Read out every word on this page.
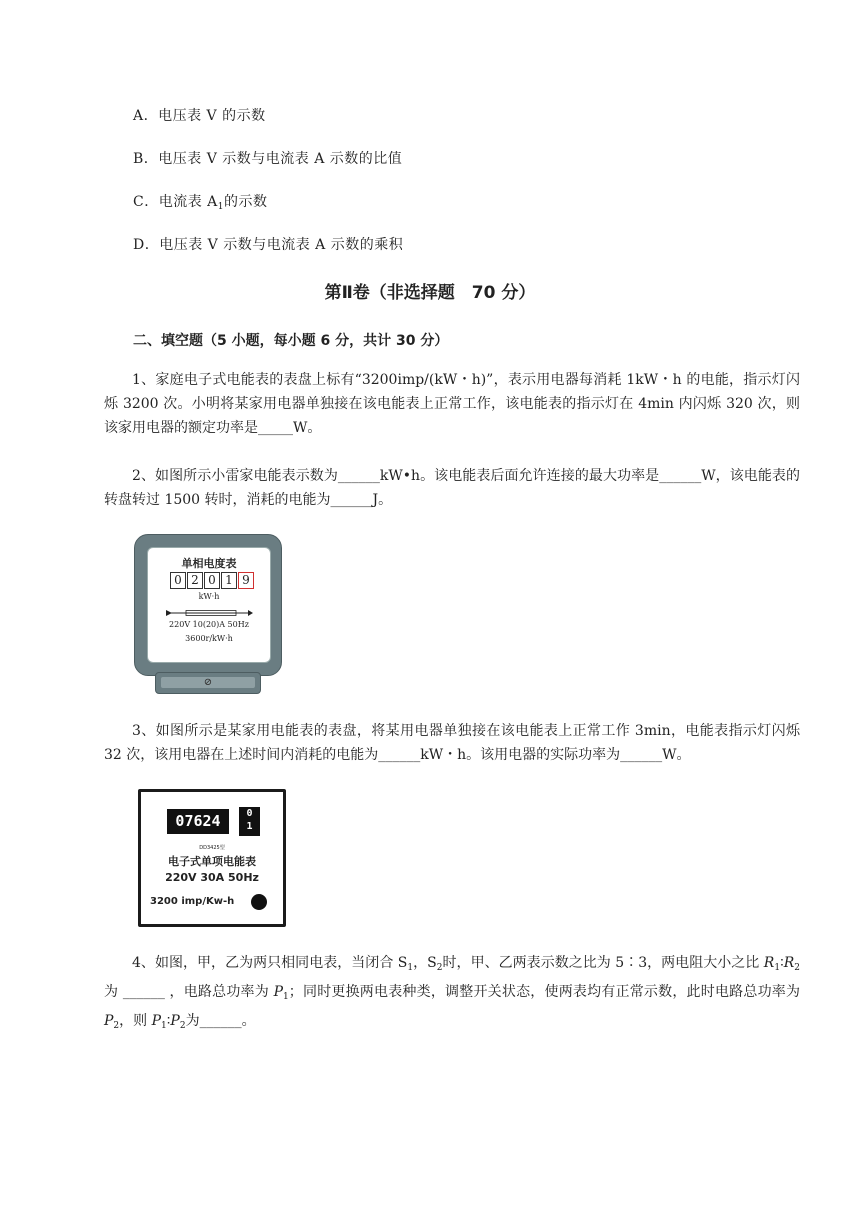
A．电压表 V 的示数
B．电压表 V 示数与电流表 A 示数的比值
C．电流表 $A_1$的示数
D．电压表 V 示数与电流表 A 示数的乘积
第Ⅱ卷（非选择题　70 分）
二、填空题（5 小题，每小题 6 分，共计 30 分）
1、家庭电子式电能表的表盘上标有“3200imp/(kW・h)”，表示用电器每消耗 1kW・h 的电能，指示灯闪烁 3200 次。小明将某家用电器单独接在该电能表上正常工作，该电能表的指示灯在 4min 内闪烁 320 次，则该家用电器的额定功率是_____W。
2、如图所示小雷家电能表示数为______kW•h。该电能表后面允许连接的最大功率是______W，该电能表的转盘转过 1500 转时，消耗的电能为______J。
单相电度表
0 2 0 1 9
kW·h
220V 10(20)A 50Hz
3600r/kW·h
⊘
3、如图所示是某家用电能表的表盘，将某用电器单独接在该电能表上正常工作 3min，电能表指示灯闪烁 32 次，该用电器在上述时间内消耗的电能为______kW・h。该用电器的实际功率为______W。
07624	0
1
DD3425型
电子式单项电能表
220V 30A 50Hz
3200 imp/Kw-h
4、如图，甲，乙为两只相同电表，当闭合 $S_1$，$S_2$时，甲、乙两表示数之比为 5∶3，两电阻大小之比 $R_1∶R_2$ 为 ______ ，电路总功率为 $P_1$；同时更换两电表种类，调整开关状态，使两表均有正常示数，此时电路总功率为 $P_2$，则 $P_1∶P_2$为______。
